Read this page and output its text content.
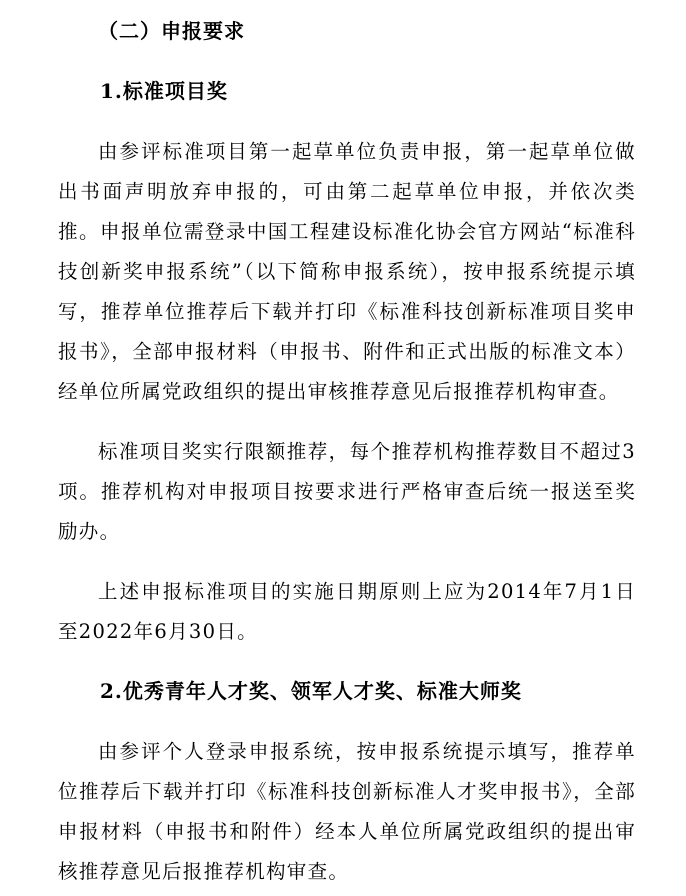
（二）申报要求
1.标准项目奖
由参评标准项目第一起草单位负责申报，第一起草单位做出书面声明放弃申报的，可由第二起草单位申报，并依次类推。申报单位需登录中国工程建设标准化协会官方网站“标准科技创新奖申报系统”（以下简称申报系统），按申报系统提示填写，推荐单位推荐后下载并打印《标准科技创新标准项目奖申报书》，全部申报材料（申报书、附件和正式出版的标准文本）经单位所属党政组织的提出审核推荐意见后报推荐机构审查。
标准项目奖实行限额推荐，每个推荐机构推荐数目不超过3项。推荐机构对申报项目按要求进行严格审查后统一报送至奖励办。
上述申报标准项目的实施日期原则上应为2014年7月1日至2022年6月30日。
2.优秀青年人才奖、领军人才奖、标准大师奖
由参评个人登录申报系统，按申报系统提示填写，推荐单位推荐后下载并打印《标准科技创新标准人才奖申报书》，全部申报材料（申报书和附件）经本人单位所属党政组织的提出审核推荐意见后报推荐机构审查。
